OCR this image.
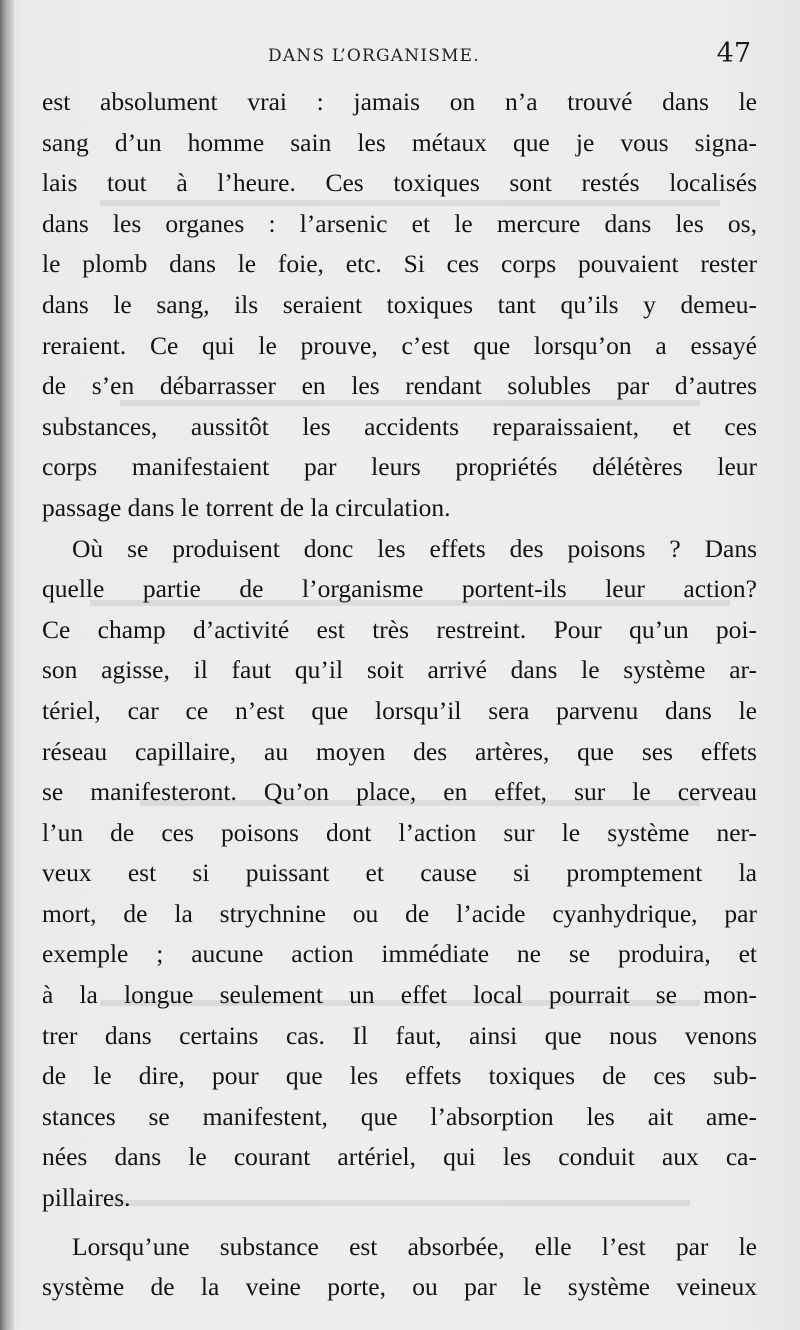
DANS L’ORGANISME.	47
est absolument vrai : jamais on n’a trouvé dans le
sang d’un homme sain les métaux que je vous signa-
lais tout à l’heure. Ces toxiques sont restés localisés
dans les organes : l’arsenic et le mercure dans les os,
le plomb dans le foie, etc. Si ces corps pouvaient rester
dans le sang, ils seraient toxiques tant qu’ils y demeu-
reraient. Ce qui le prouve, c’est que lorsqu’on a essayé
de s’en débarrasser en les rendant solubles par d’autres
substances, aussitôt les accidents reparaissaient, et ces
corps manifestaient par leurs propriétés délétères leur
passage dans le torrent de la circulation.
Où se produisent donc les effets des poisons ? Dans
quelle partie de l’organisme portent-ils leur action?
Ce champ d’activité est très restreint. Pour qu’un poi-
son agisse, il faut qu’il soit arrivé dans le système ar-
tériel, car ce n’est que lorsqu’il sera parvenu dans le
réseau capillaire, au moyen des artères, que ses effets
se manifesteront. Qu’on place, en effet, sur le cerveau
l’un de ces poisons dont l’action sur le système ner-
veux est si puissant et cause si promptement la
mort, de la strychnine ou de l’acide cyanhydrique, par
exemple ; aucune action immédiate ne se produira, et
à la longue seulement un effet local pourrait se mon-
trer dans certains cas. Il faut, ainsi que nous venons
de le dire, pour que les effets toxiques de ces sub-
stances se manifestent, que l’absorption les ait ame-
nées dans le courant artériel, qui les conduit aux ca-
pillaires.
Lorsqu’une substance est absorbée, elle l’est par le
système de la veine porte, ou par le système veineux
